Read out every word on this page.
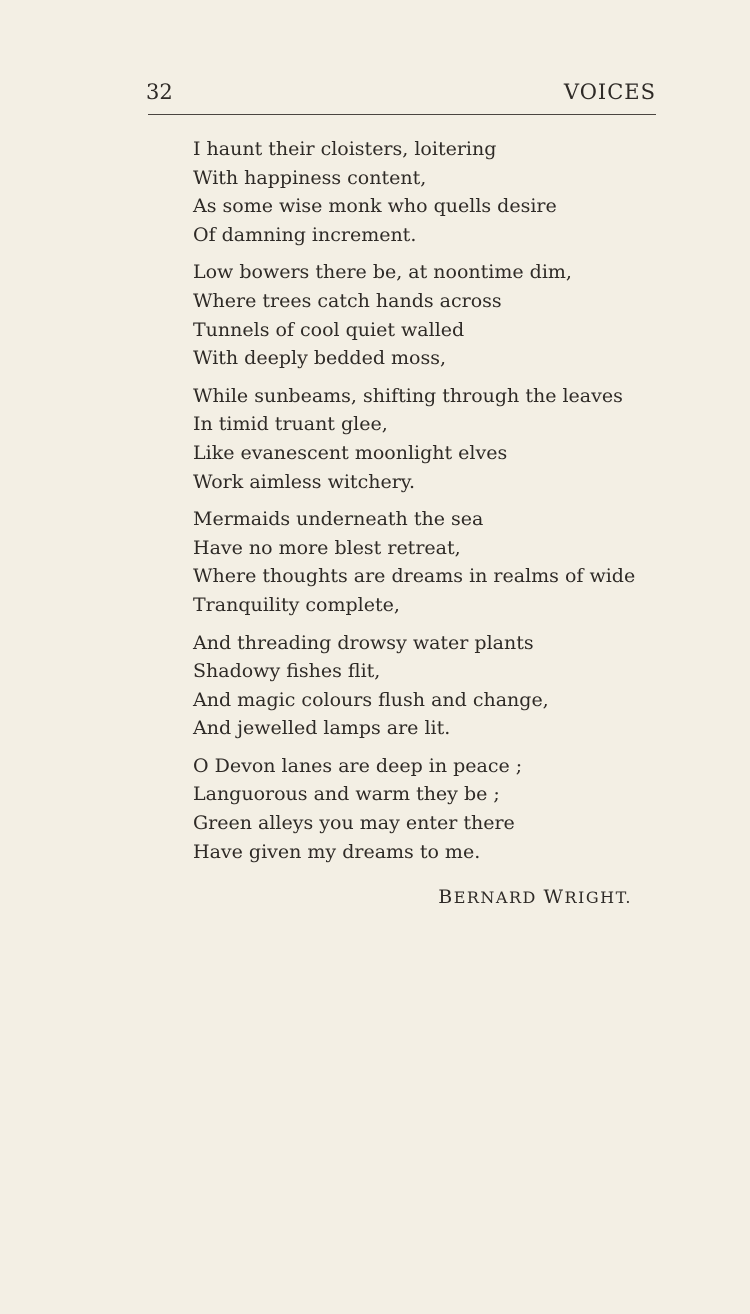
32	VOICES
I haunt their cloisters, loitering
With happiness content,
As some wise monk who quells desire
Of damning increment.
Low bowers there be, at noontime dim,
Where trees catch hands across
Tunnels of cool quiet walled
With deeply bedded moss,
While sunbeams, shifting through the leaves
In timid truant glee,
Like evanescent moonlight elves
Work aimless witchery.
Mermaids underneath the sea
Have no more blest retreat,
Where thoughts are dreams in realms of wide
Tranquility complete,
And threading drowsy water plants
Shadowy fishes flit,
And magic colours flush and change,
And jewelled lamps are lit.
O Devon lanes are deep in peace ;
Languorous and warm they be ;
Green alleys you may enter there
Have given my dreams to me.
BERNARD WRIGHT.
